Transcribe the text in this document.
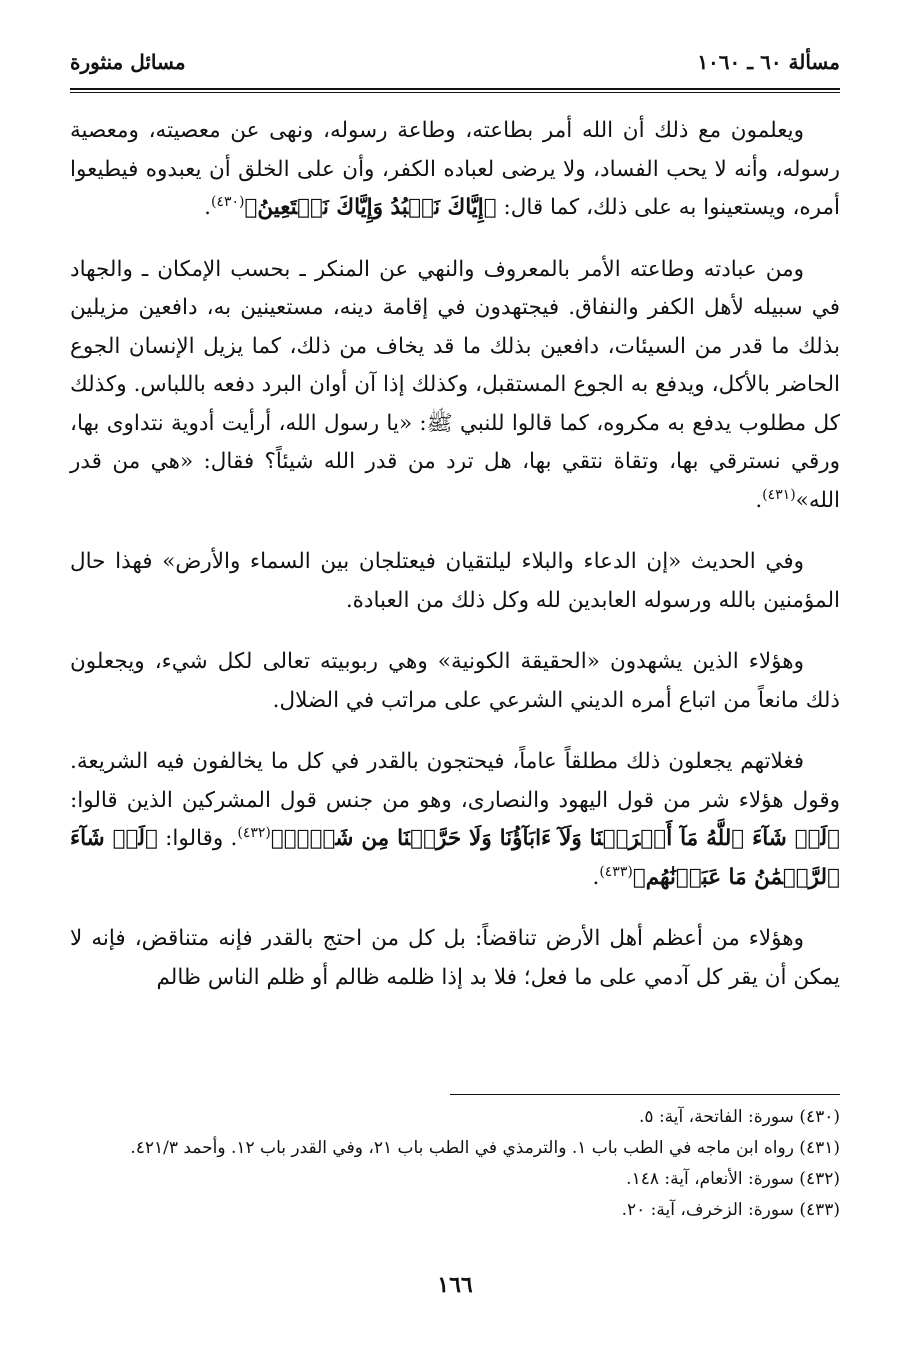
مسألة ٦٠ ـ ١٠٦٠
مسائل منثورة

ويعلمون مع ذلك أن الله أمر بطاعته، وطاعة رسوله، ونهى عن معصيته، ومعصية رسوله، وأنه لا يحب الفساد، ولا يرضى لعباده الكفر، وأن على الخلق أن يعبدوه فيطيعوا أمره، ويستعينوا به على ذلك، كما قال: ﴿إِيَّاكَ نَعۡبُدُ وَإِيَّاكَ نَسۡتَعِينُ﴾$^{(٤٣٠)}$.

ومن عبادته وطاعته الأمر بالمعروف والنهي عن المنكر ـ بحسب الإمكان ـ والجهاد في سبيله لأهل الكفر والنفاق. فيجتهدون في إقامة دينه، مستعينين به، دافعين مزيلين بذلك ما قدر من السيئات، دافعين بذلك ما قد يخاف من ذلك، كما يزيل الإنسان الجوع الحاضر بالأكل، ويدفع به الجوع المستقبل، وكذلك إذا آن أوان البرد دفعه باللباس. وكذلك كل مطلوب يدفع به مكروه، كما قالوا للنبي ﷺ: «يا رسول الله، أرأيت أدوية نتداوى بها، ورقي نسترقي بها، وتقاة نتقي بها، هل ترد من قدر الله شيئاً؟ فقال: «هي من قدر الله»$^{(٤٣١)}$.

وفي الحديث «إن الدعاء والبلاء ليلتقيان فيعتلجان بين السماء والأرض» فهذا حال المؤمنين بالله ورسوله العابدين لله وكل ذلك من العبادة.

وهؤلاء الذين يشهدون «الحقيقة الكونية» وهي ربوبيته تعالى لكل شيء، ويجعلون ذلك مانعاً من اتباع أمره الديني الشرعي على مراتب في الضلال.

فغلاتهم يجعلون ذلك مطلقاً عاماً، فيحتجون بالقدر في كل ما يخالفون فيه الشريعة. وقول هؤلاء شر من قول اليهود والنصارى، وهو من جنس قول المشركين الذين قالوا: ﴿لَوۡ شَآءَ ٱللَّهُ مَآ أَشۡرَكۡنَا وَلَآ ءَابَآؤُنَا وَلَا حَرَّمۡنَا مِن شَيۡءٖ﴾$^{(٤٣٢)}$. وقالوا: ﴿لَوۡ شَآءَ ٱلرَّحۡمَٰنُ مَا عَبَدۡنَٰهُم﴾$^{(٤٣٣)}$.

وهؤلاء من أعظم أهل الأرض تناقضاً: بل كل من احتج بالقدر فإنه متناقض، فإنه لا يمكن أن يقر كل آدمي على ما فعل؛ فلا بد إذا ظلمه ظالم أو ظلم الناس ظالم

(٤٣٠) سورة: الفاتحة، آية: ٥.

(٤٣١) رواه ابن ماجه في الطب باب ١. والترمذي في الطب باب ٢١، وفي القدر باب ١٢. وأحمد ٤٢١/٣.

(٤٣٢) سورة: الأنعام، آية: ١٤٨.

(٤٣٣) سورة: الزخرف، آية: ٢٠.

١٦٦
